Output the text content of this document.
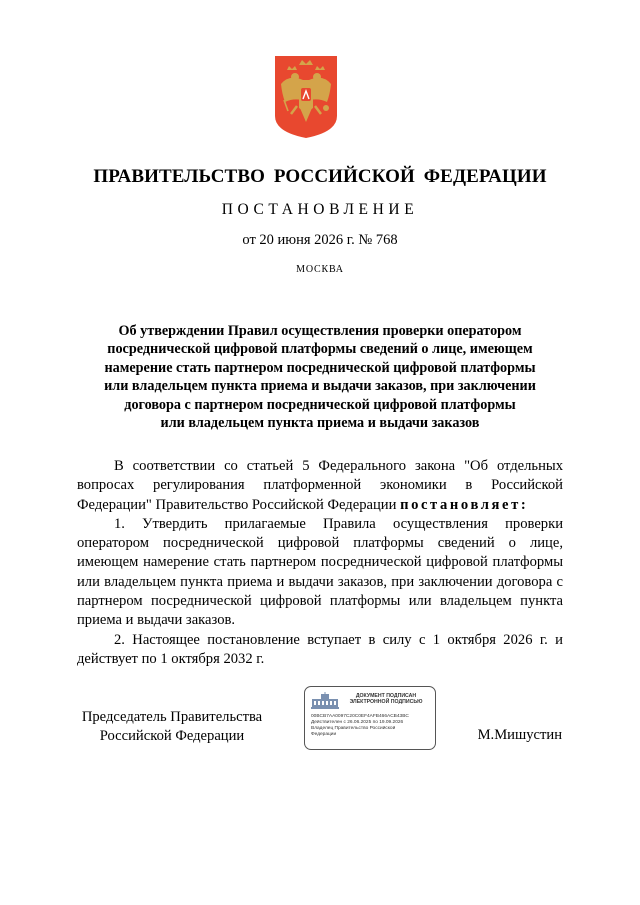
ПРАВИТЕЛЬСТВО РОССИЙСКОЙ ФЕДЕРАЦИИ
ПОСТАНОВЛЕНИЕ
от 20 июня 2026 г. № 768
МОСКВА
Об утверждении Правил осуществления проверки оператором
посреднической цифровой платформы сведений о лице, имеющем
намерение стать партнером посреднической цифровой платформы
или владельцем пункта приема и выдачи заказов, при заключении
договора с партнером посреднической цифровой платформы
или владельцем пункта приема и выдачи заказов

В соответствии со статьей 5 Федерального закона "Об отдельных вопросах регулирования платформенной экономики в Российской Федерации" Правительство Российской Федерации постановляет:

1. Утвердить прилагаемые Правила осуществления проверки оператором посреднической цифровой платформы сведений о лице, имеющем намерение стать партнером посреднической цифровой платформы или владельцем пункта приема и выдачи заказов, при заключении договора с партнером посреднической цифровой платформы или владельцем пункта приема и выдачи заказов.

2. Настоящее постановление вступает в силу с 1 октября 2026 г. и действует по 1 октября 2032 г.

Председатель Правительства
Российской Федерации
ДОКУМЕНТ ПОДПИСАН
ЭЛЕКТРОННОЙ ПОДПИСЬЮ
00BCB7AA0097C20C0EF4AFB466ACB43BC
Действителен с 26.06.2025 по 19.09.2026
Владелец Правительство Российской
Федерации	М.Мишустин
